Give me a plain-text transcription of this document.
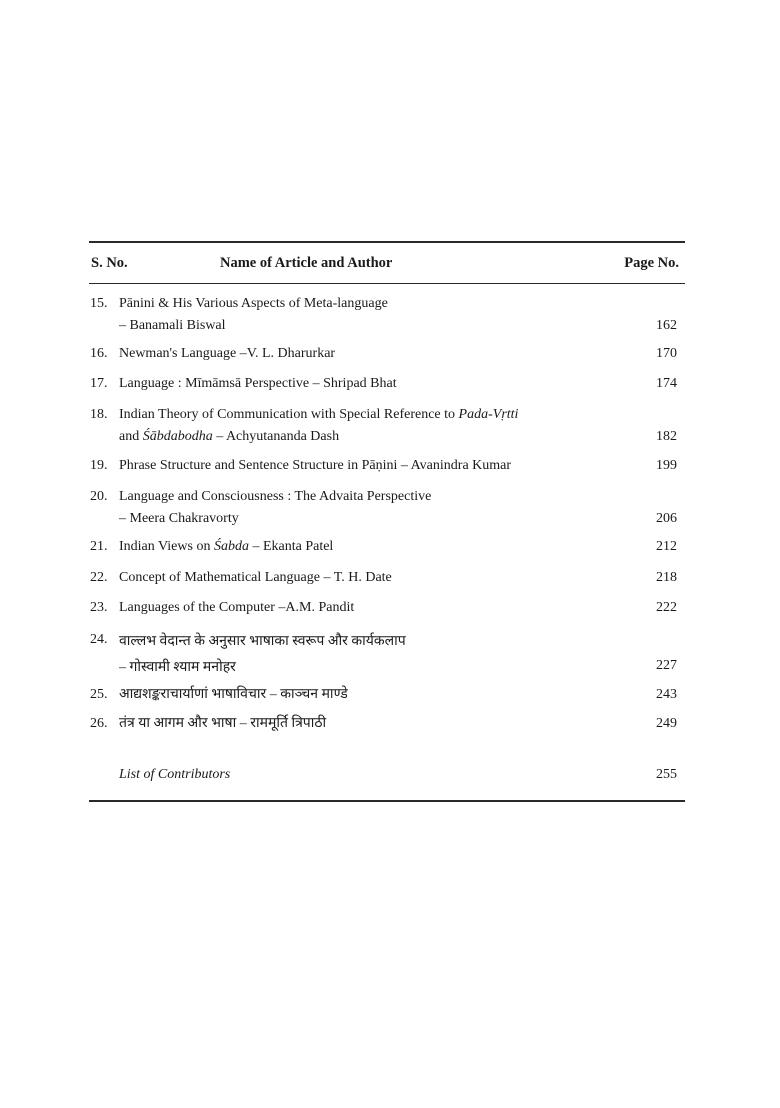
S. No.	Name of Article and Author	Page No.
15. Pānini & His Various Aspects of Meta-language
– Banamali Biswal	162
16. Newman's Language –V. L. Dharurkar	170
17. Language : Mīmāmsā Perspective – Shripad Bhat	174
18. Indian Theory of Communication with Special Reference to Pada-Vṛtti
and Śābdabodha – Achyutananda Dash	182
19. Phrase Structure and Sentence Structure in Pāṇini – Avanindra Kumar	199
20. Language and Consciousness : The Advaita Perspective
– Meera Chakravorty	206
21. Indian Views on Śabda – Ekanta Patel	212
22. Concept of Mathematical Language – T. H. Date	218
23. Languages of the Computer –A.M. Pandit	222
24. वाल्लभ वेदान्त के अनुसार भाषाका स्वरूप और कार्यकलाप
– गोस्वामी श्याम मनोहर	227
25. आद्यशङ्कराचार्याणां भाषाविचार – काञ्चन माण्डे	243
26. तंत्र या आगम और भाषा – राममूर्ति त्रिपाठी	249
List of Contributors	255
